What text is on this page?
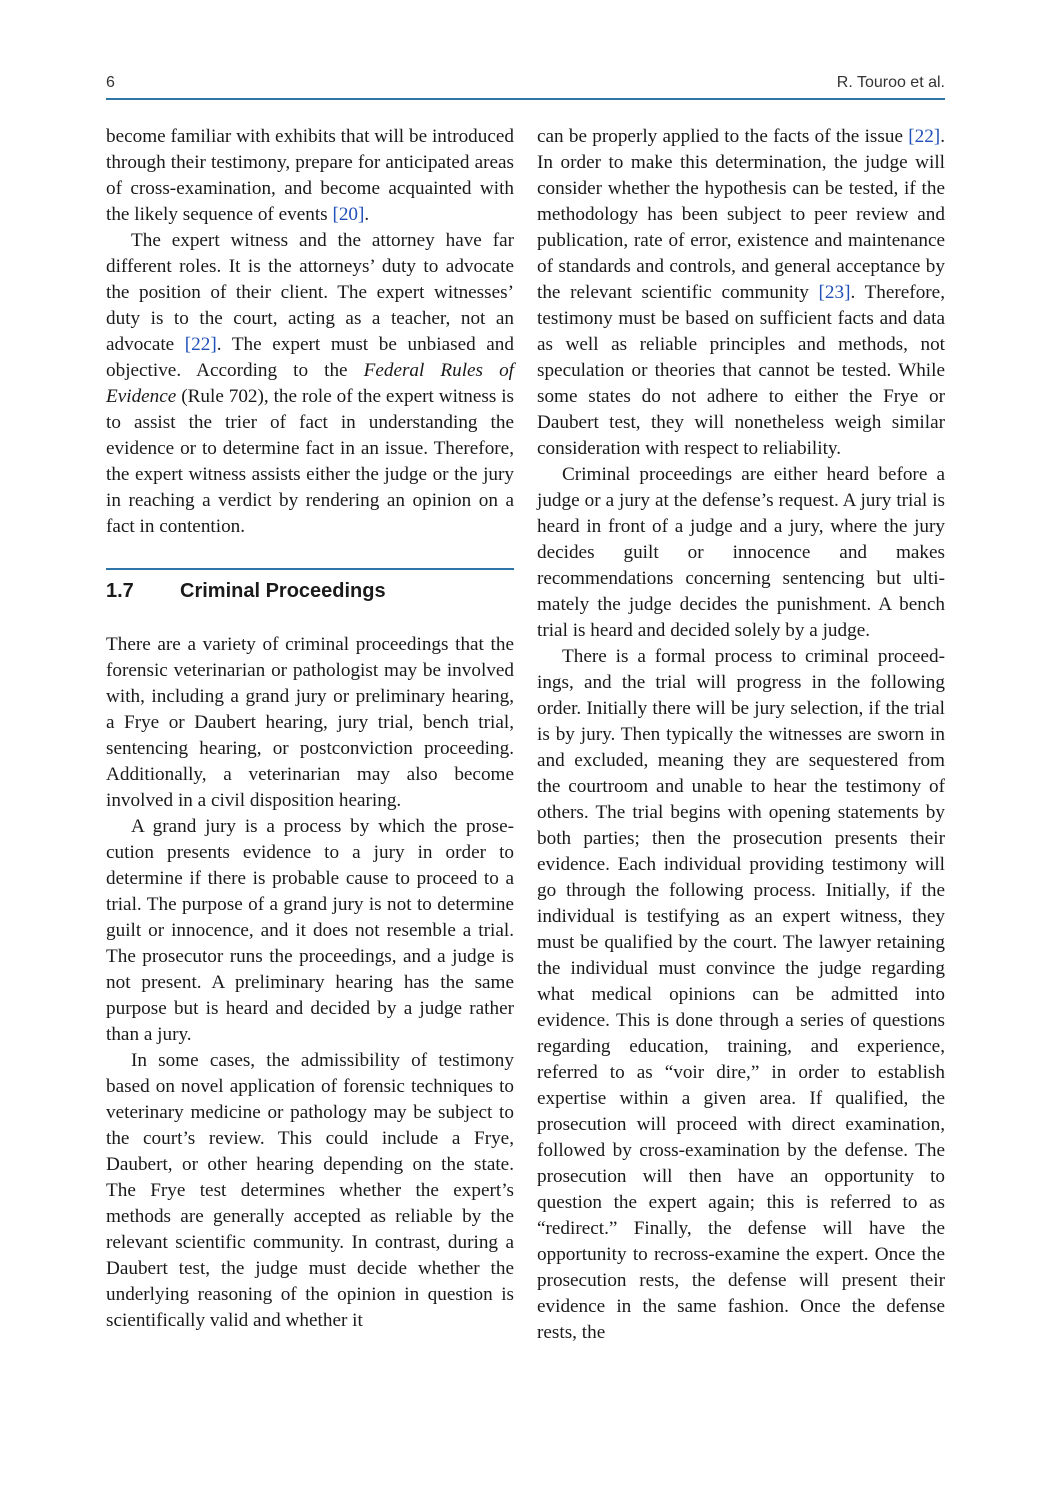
6	R. Touroo et al.

become familiar with exhibits that will be introduced through their testimony, prepare for anticipated areas of cross-examination, and become acquainted with the likely sequence of events [20].

The expert witness and the attorney have far different roles. It is the attorneys’ duty to advocate the position of their client. The expert witnesses’ duty is to the court, acting as a teacher, not an advocate [22]. The expert must be unbiased and objective. According to the Federal Rules of Evidence (Rule 702), the role of the expert witness is to assist the trier of fact in understanding the evidence or to determine fact in an issue. Therefore, the expert witness assists either the judge or the jury in reaching a verdict by rendering an opinion on a fact in contention.

1.7 Criminal Proceedings

There are a variety of criminal proceedings that the forensic veterinarian or pathologist may be involved with, including a grand jury or preliminary hearing, a Frye or Daubert hearing, jury trial, bench trial, sentencing hearing, or postconviction proceeding. Additionally, a veterinarian may also become involved in a civil disposition hearing.

A grand jury is a process by which the prosecution presents evidence to a jury in order to determine if there is probable cause to proceed to a trial. The purpose of a grand jury is not to determine guilt or innocence, and it does not resemble a trial. The prosecutor runs the proceedings, and a judge is not present. A preliminary hearing has the same purpose but is heard and decided by a judge rather than a jury.

In some cases, the admissibility of testimony based on novel application of forensic techniques to veterinary medicine or pathology may be subject to the court’s review. This could include a Frye, Daubert, or other hearing depending on the state. The Frye test determines whether the expert’s methods are generally accepted as reliable by the relevant scientific community. In contrast, during a Daubert test, the judge must decide whether the underlying reasoning of the opinion in question is scientifically valid and whether it

can be properly applied to the facts of the issue [22]. In order to make this determination, the judge will consider whether the hypothesis can be tested, if the methodology has been subject to peer review and publication, rate of error, existence and maintenance of standards and controls, and general acceptance by the relevant scientific community [23]. Therefore, testimony must be based on sufficient facts and data as well as reliable principles and methods, not speculation or theories that cannot be tested. While some states do not adhere to either the Frye or Daubert test, they will nonetheless weigh similar consideration with respect to reliability.

Criminal proceedings are either heard before a judge or a jury at the defense’s request. A jury trial is heard in front of a judge and a jury, where the jury decides guilt or innocence and makes recommendations concerning sentencing but ultimately the judge decides the punishment. A bench trial is heard and decided solely by a judge.

There is a formal process to criminal proceedings, and the trial will progress in the following order. Initially there will be jury selection, if the trial is by jury. Then typically the witnesses are sworn in and excluded, meaning they are sequestered from the courtroom and unable to hear the testimony of others. The trial begins with opening statements by both parties; then the prosecution presents their evidence. Each individual providing testimony will go through the following process. Initially, if the individual is testifying as an expert witness, they must be qualified by the court. The lawyer retaining the individual must convince the judge regarding what medical opinions can be admitted into evidence. This is done through a series of questions regarding education, training, and experience, referred to as “voir dire,” in order to establish expertise within a given area. If qualified, the prosecution will proceed with direct examination, followed by cross-examination by the defense. The prosecution will then have an opportunity to question the expert again; this is referred to as “redirect.” Finally, the defense will have the opportunity to recross-examine the expert. Once the prosecution rests, the defense will present their evidence in the same fashion. Once the defense rests, the
